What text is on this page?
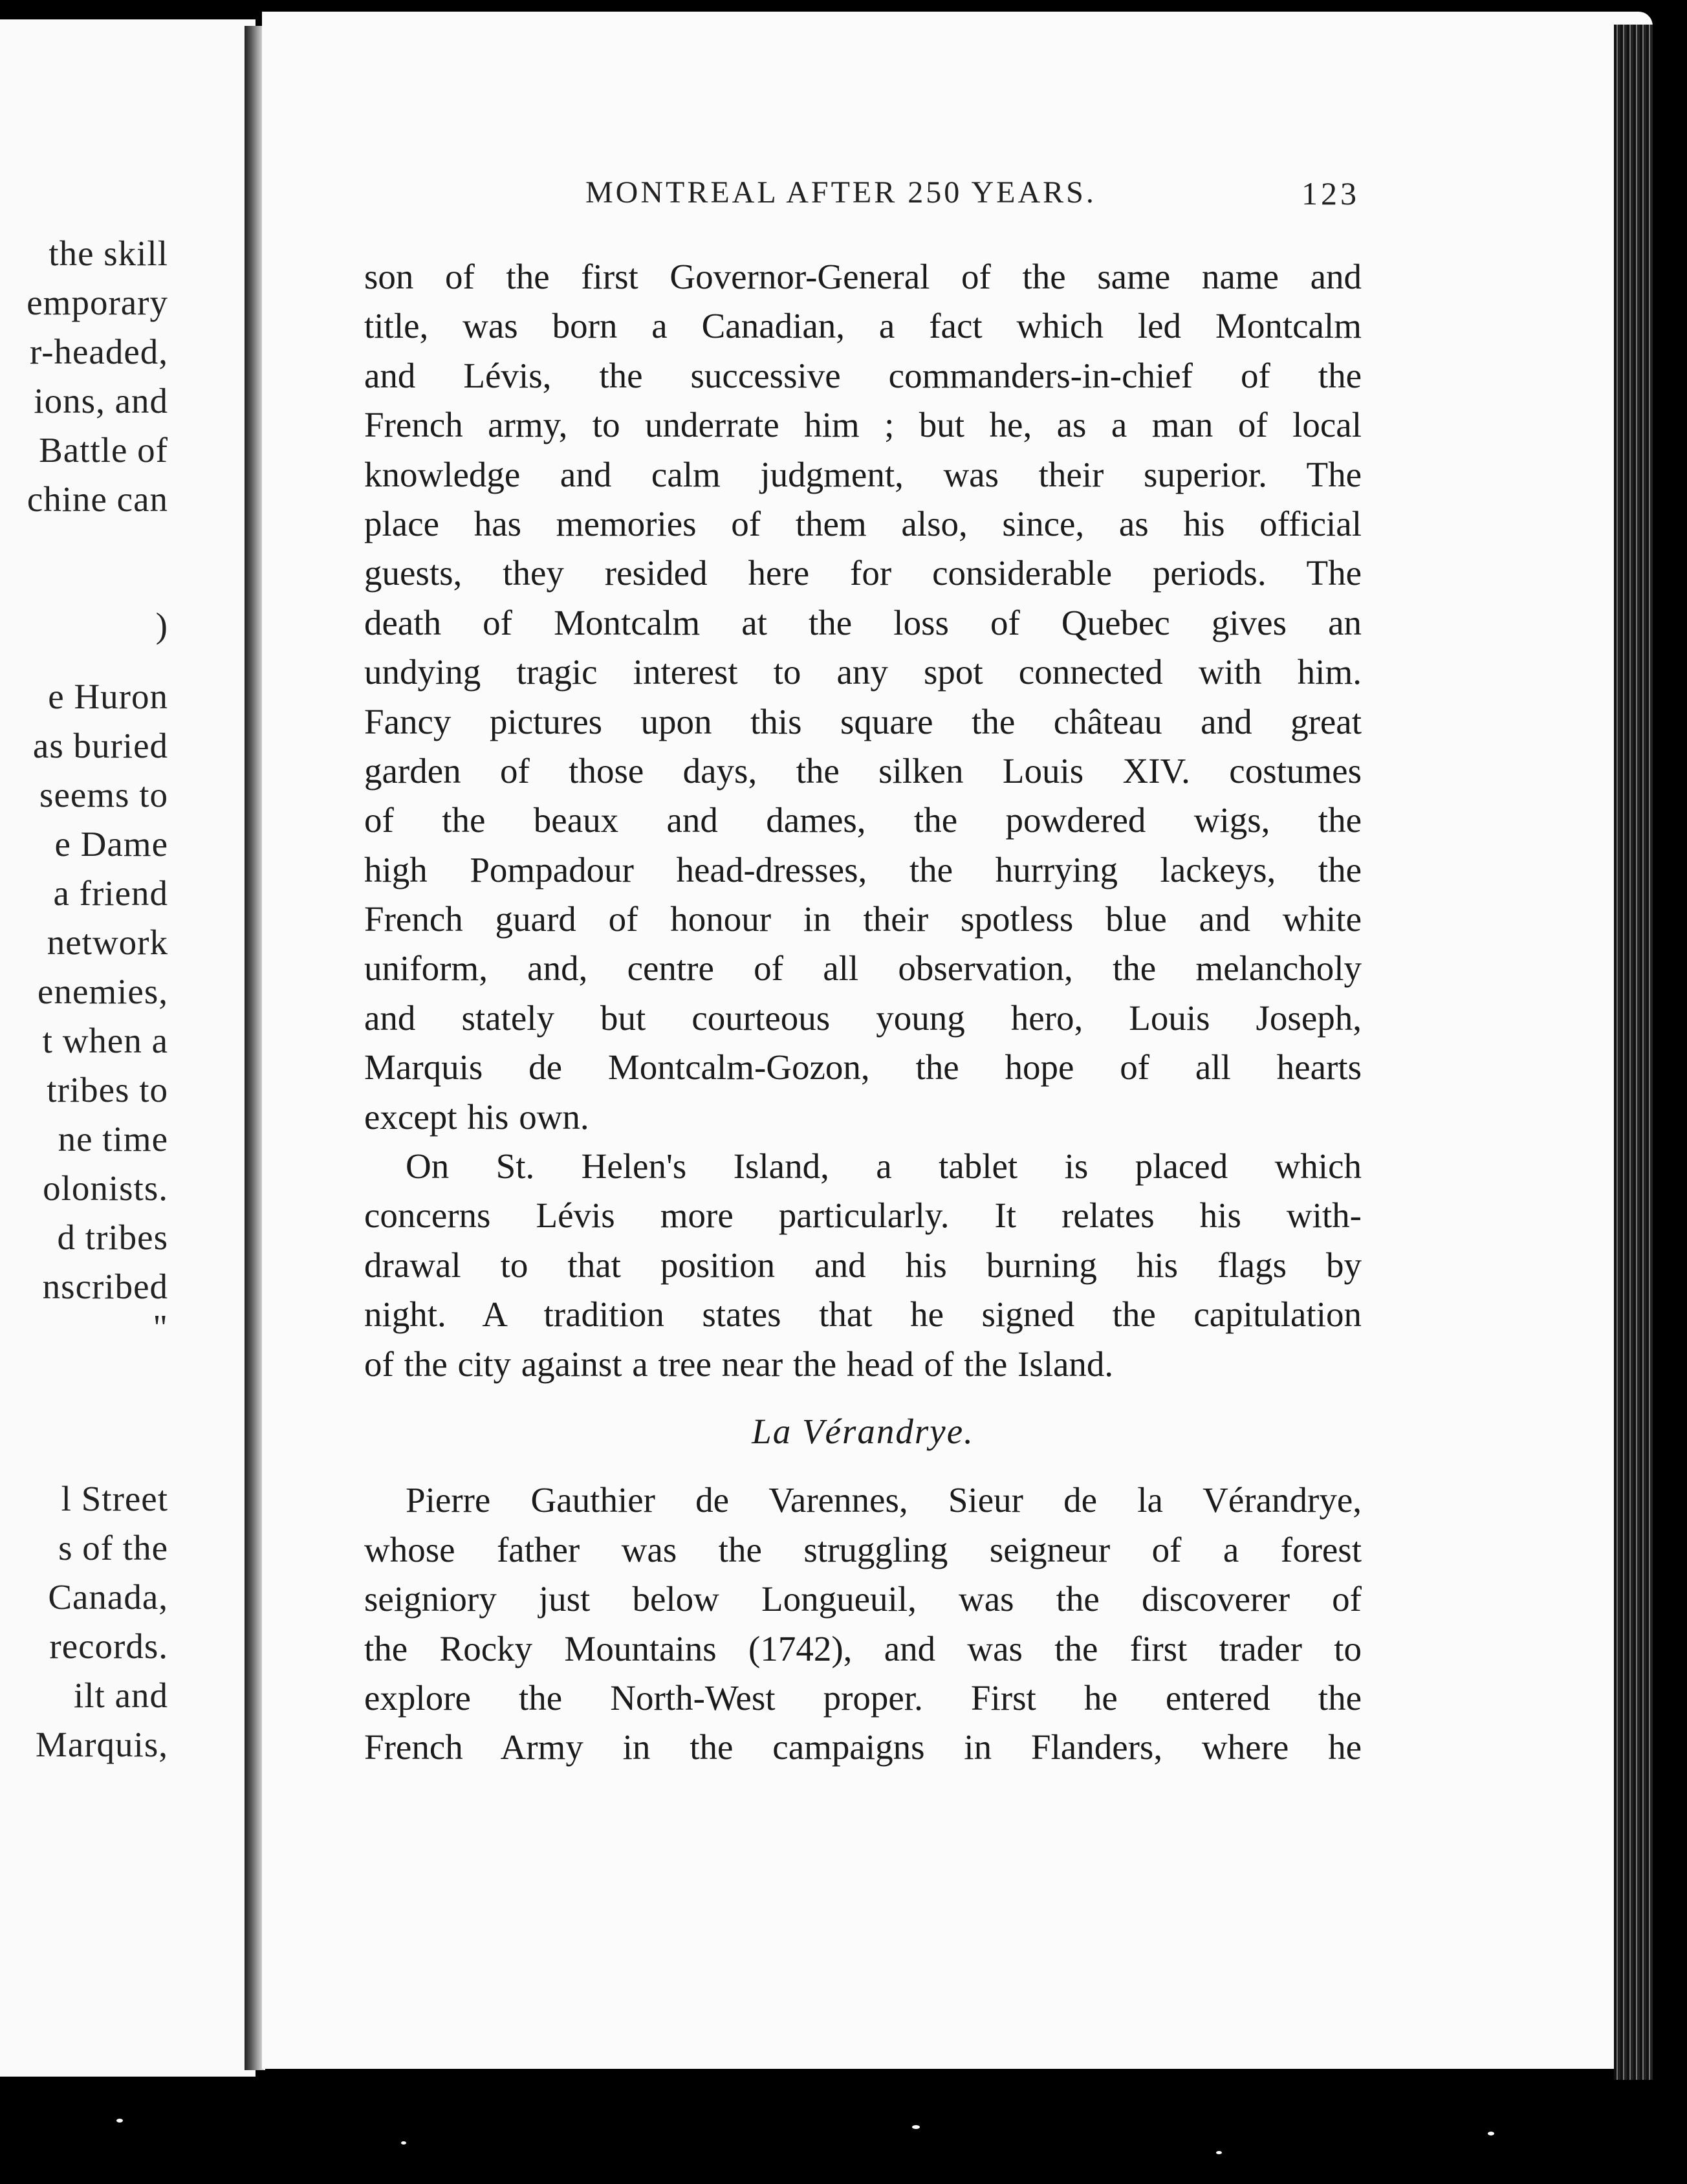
the skill
emporary
r-headed,
ions, and
Battle of
chine can
)
e Huron
as buried
seems to
e Dame
a friend
network
enemies,
t when a
tribes to
ne time
olonists.
d tribes
nscribed
"
l Street
s of the
Canada,
records.
ilt and
Marquis,
MONTREAL AFTER 250 YEARS.	123
son of the first Governor-General of the same name and
title, was born a Canadian, a fact which led Montcalm
and Lévis, the successive commanders-in-chief of the
French army, to underrate him ; but he, as a man of local
knowledge and calm judgment, was their superior. The
place has memories of them also, since, as his official
guests, they resided here for considerable periods. The
death of Montcalm at the loss of Quebec gives an
undying tragic interest to any spot connected with him.
Fancy pictures upon this square the château and great
garden of those days, the silken Louis XIV. costumes
of the beaux and dames, the powdered wigs, the
high Pompadour head-dresses, the hurrying lackeys, the
French guard of honour in their spotless blue and white
uniform, and, centre of all observation, the melancholy
and stately but courteous young hero, Louis Joseph,
Marquis de Montcalm-Gozon, the hope of all hearts
except his own.
On St. Helen's Island, a tablet is placed which
concerns Lévis more particularly. It relates his with-
drawal to that position and his burning his flags by
night. A tradition states that he signed the capitulation
of the city against a tree near the head of the Island.
La Vérandrye.
Pierre Gauthier de Varennes, Sieur de la Vérandrye,
whose father was the struggling seigneur of a forest
seigniory just below Longueuil, was the discoverer of
the Rocky Mountains (1742), and was the first trader to
explore the North-West proper. First he entered the
French Army in the campaigns in Flanders, where he
